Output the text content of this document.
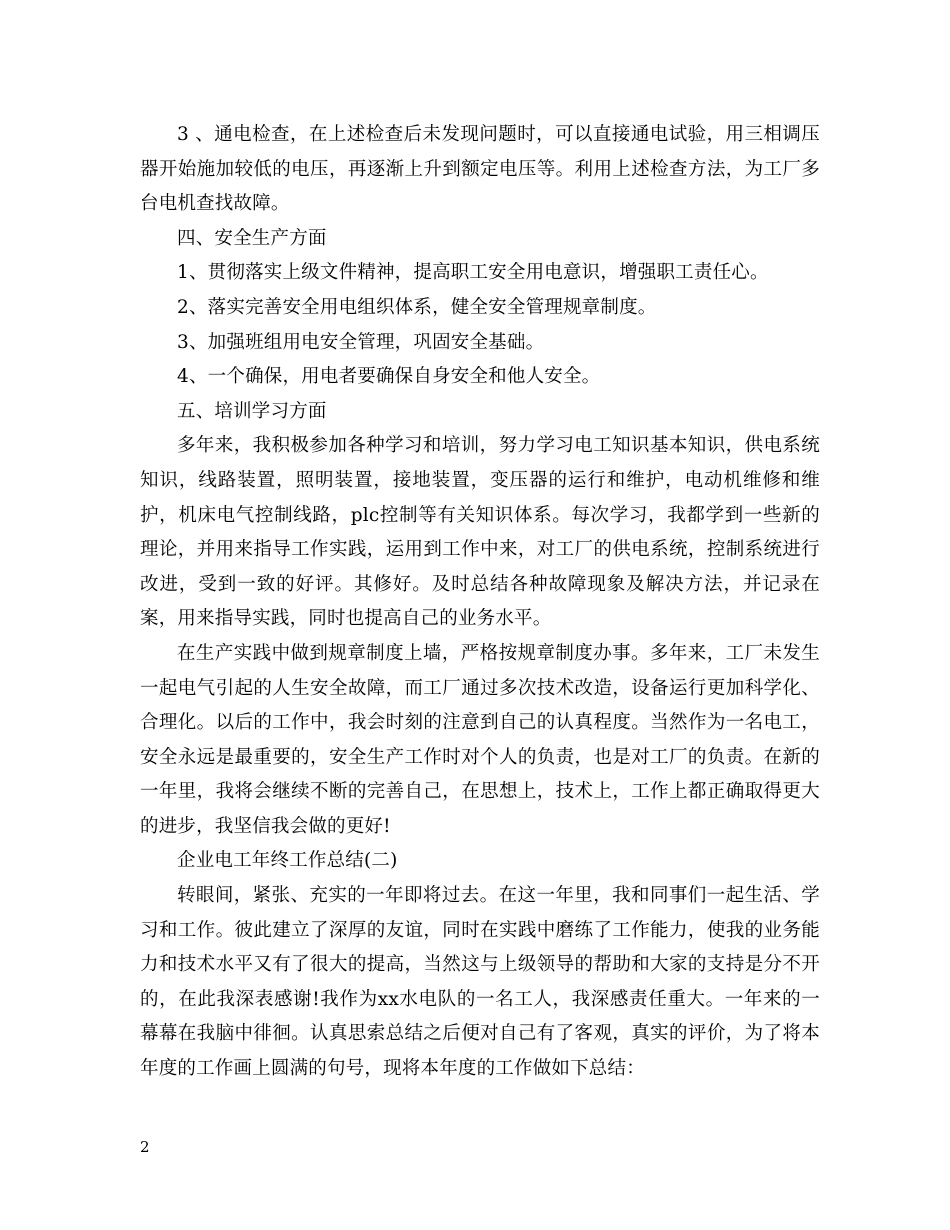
3 、通电检查，在上述检查后未发现问题时，可以直接通电试验，用三相调压器开始施加较低的电压，再逐渐上升到额定电压等。利用上述检查方法，为工厂多台电机查找故障。

四、安全生产方面

1、贯彻落实上级文件精神，提高职工安全用电意识，增强职工责任心。

2、落实完善安全用电组织体系，健全安全管理规章制度。

3、加强班组用电安全管理，巩固安全基础。

4、一个确保，用电者要确保自身安全和他人安全。

五、培训学习方面

多年来，我积极参加各种学习和培训，努力学习电工知识基本知识，供电系统知识，线路装置，照明装置，接地装置，变压器的运行和维护，电动机维修和维护，机床电气控制线路，plc控制等有关知识体系。每次学习，我都学到一些新的理论，并用来指导工作实践，运用到工作中来，对工厂的供电系统，控制系统进行改进，受到一致的好评。其修好。及时总结各种故障现象及解决方法，并记录在案，用来指导实践，同时也提高自己的业务水平。

在生产实践中做到规章制度上墙，严格按规章制度办事。多年来，工厂未发生一起电气引起的人生安全故障，而工厂通过多次技术改造，设备运行更加科学化、合理化。以后的工作中，我会时刻的注意到自己的认真程度。当然作为一名电工，安全永远是最重要的，安全生产工作时对个人的负责，也是对工厂的负责。在新的一年里，我将会继续不断的完善自己，在思想上，技术上，工作上都正确取得更大的进步，我坚信我会做的更好!

企业电工年终工作总结(二)

转眼间，紧张、充实的一年即将过去。在这一年里，我和同事们一起生活、学习和工作。彼此建立了深厚的友谊，同时在实践中磨练了工作能力，使我的业务能力和技术水平又有了很大的提高，当然这与上级领导的帮助和大家的支持是分不开的，在此我深表感谢!我作为xx水电队的一名工人，我深感责任重大。一年来的一幕幕在我脑中徘徊。认真思索总结之后便对自己有了客观，真实的评价，为了将本年度的工作画上圆满的句号，现将本年度的工作做如下总结：

2
